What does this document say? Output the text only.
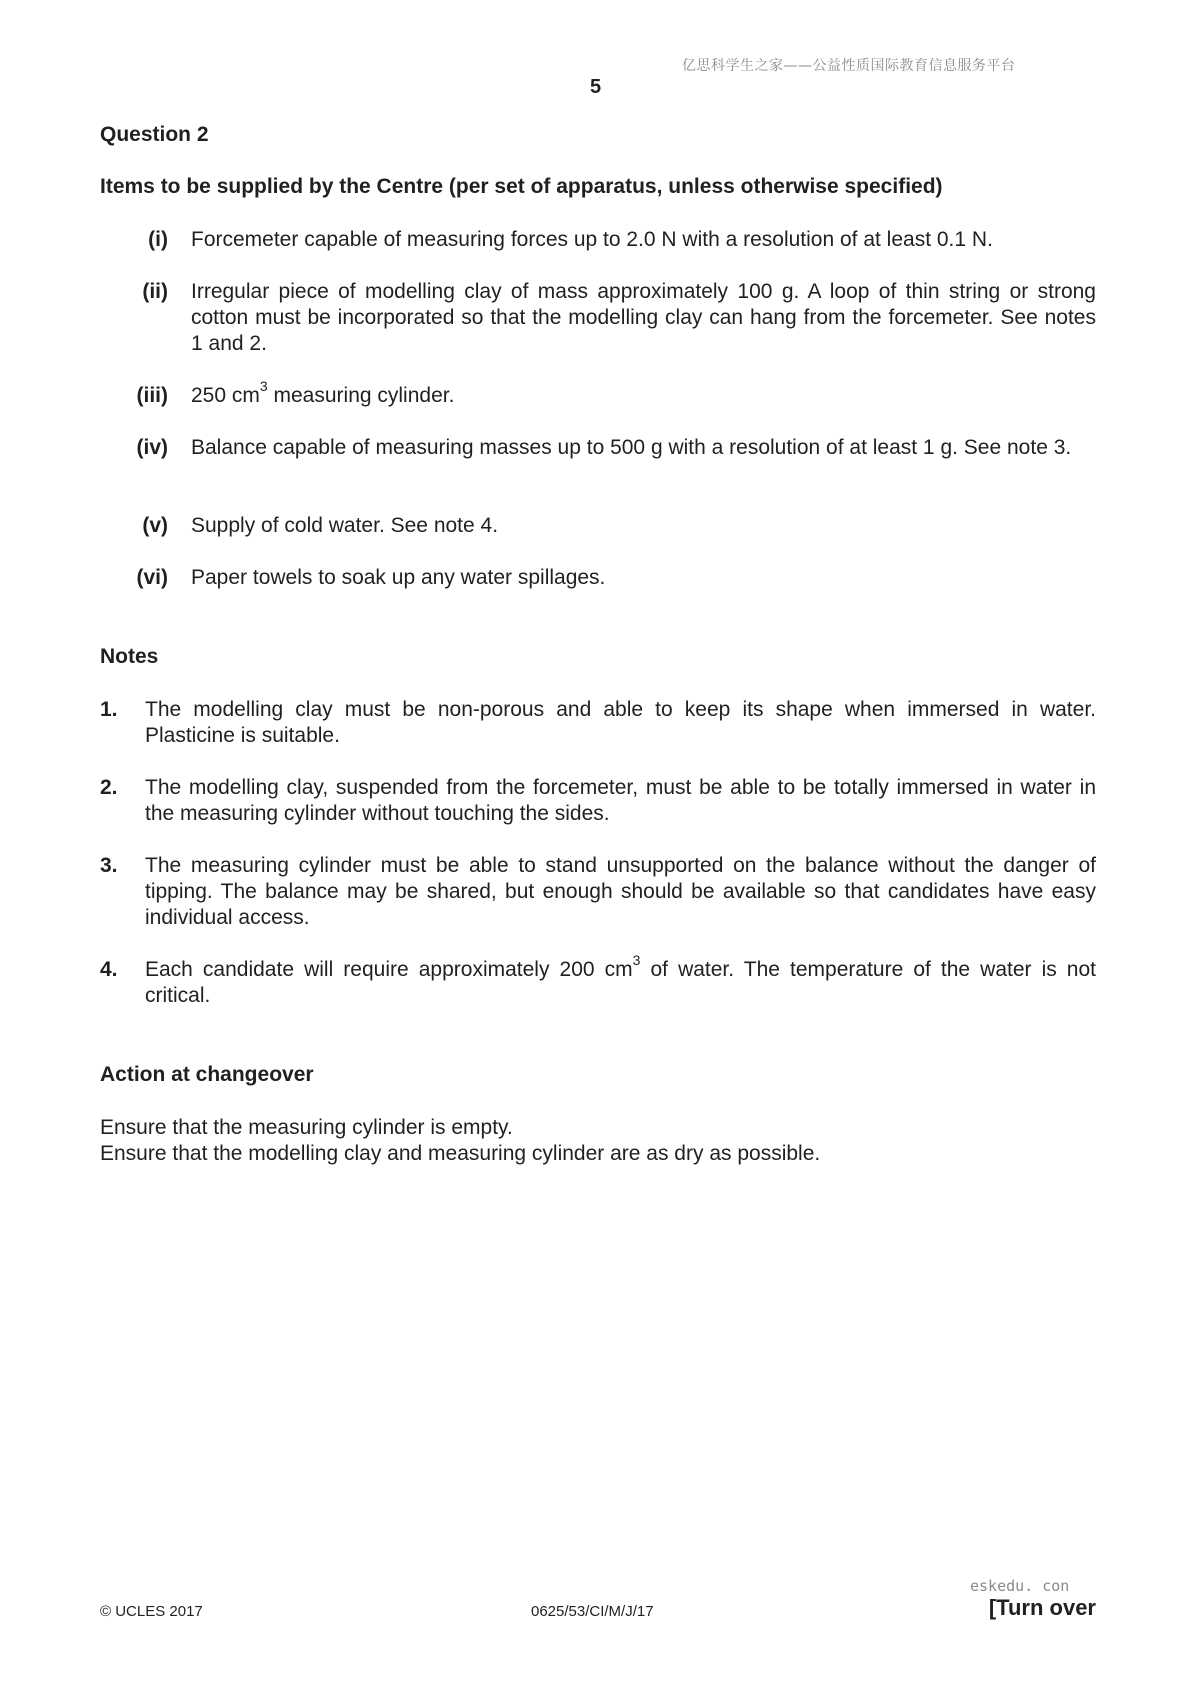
亿思科学生之家——公益性质国际教育信息服务平台
5
Question 2
Items to be supplied by the Centre (per set of apparatus, unless otherwise specified)
(i) Forcemeter capable of measuring forces up to 2.0 N with a resolution of at least 0.1 N.
(ii) Irregular piece of modelling clay of mass approximately 100 g. A loop of thin string or strong cotton must be incorporated so that the modelling clay can hang from the forcemeter. See notes 1 and 2.
(iii) 250 $cm^3$ measuring cylinder.
(iv) Balance capable of measuring masses up to 500 g with a resolution of at least 1 g. See note 3.
(v) Supply of cold water. See note 4.
(vi) Paper towels to soak up any water spillages.
Notes
1. The modelling clay must be non-porous and able to keep its shape when immersed in water. Plasticine is suitable.
2. The modelling clay, suspended from the forcemeter, must be able to be totally immersed in water in the measuring cylinder without touching the sides.
3. The measuring cylinder must be able to stand unsupported on the balance without the danger of tipping. The balance may be shared, but enough should be available so that candidates have easy individual access.
4. Each candidate will require approximately 200 $cm^3$ of water. The temperature of the water is not critical.
Action at changeover
Ensure that the measuring cylinder is empty.
Ensure that the modelling clay and measuring cylinder are as dry as possible.
eskedu. con
© UCLES 2017	0625/53/CI/M/J/17	[Turn over
